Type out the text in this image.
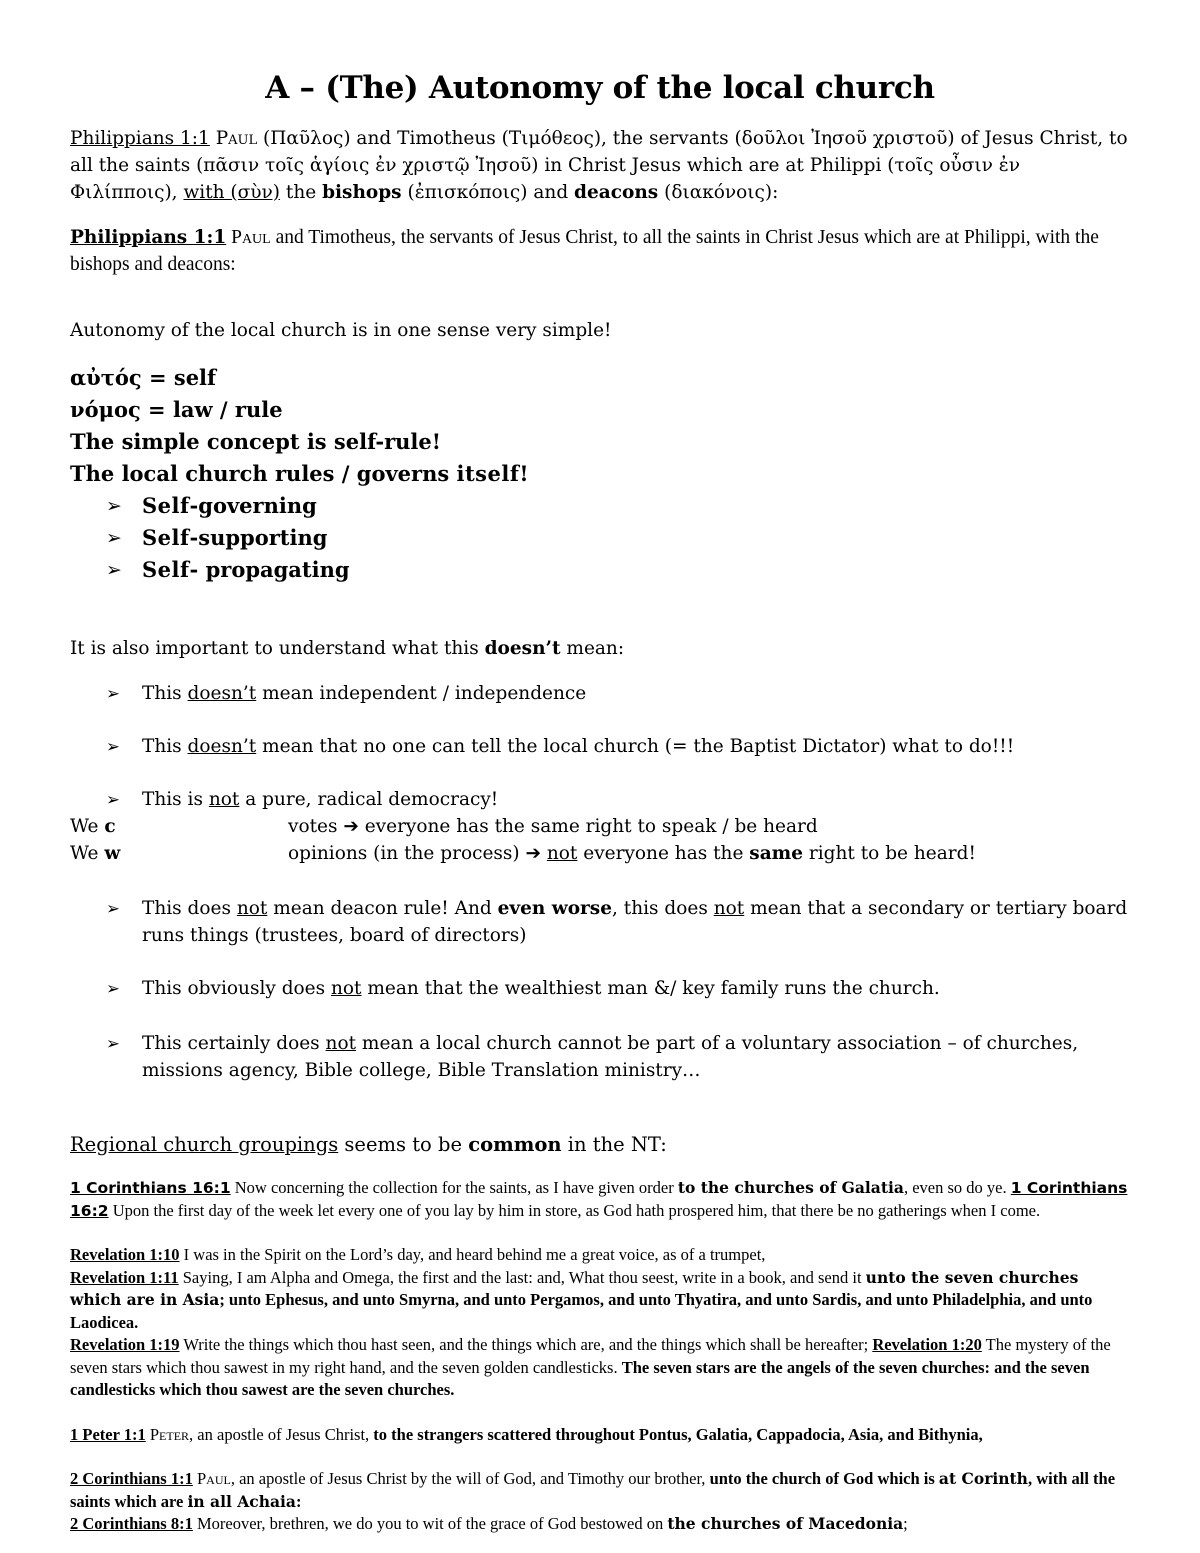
A – (The) Autonomy of the local church

Philippians 1:1 Paul (Παῦλος) and Timotheus (Τιμόθεος), the servants (δοῦλοι Ἰησοῦ χριστοῦ) of Jesus Christ, to all the saints (πᾶσιν τοῖς ἁγίοις ἐν χριστῷ Ἰησοῦ) in Christ Jesus which are at Philippi (τοῖς οὖσιν ἐν Φιλίπποις), with (σὺν) the bishops (ἐπισκόποις) and deacons (διακόνοις):

Philippians 1:1 Paul and Timotheus, the servants of Jesus Christ, to all the saints in Christ Jesus which are at Philippi, with the bishops and deacons:

Autonomy of the local church is in one sense very simple!

αὐτός = self

νόμος = law / rule

The simple concept is self-rule!

The local church rules / governs itself!

➢ Self-governing
➢ Self-supporting
➢ Self- propagating

It is also important to understand what this doesn’t mean:

➢ This doesn’t mean independent / independence
➢ This doesn’t mean that no one can tell the local church (= the Baptist Dictator) what to do!!!
➢ This is not a pure, radical democracy!
We c	votes ➔ everyone has the same right to speak / be heard
We w	opinions (in the process) ➔ not everyone has the same right to be heard!
➢ This does not mean deacon rule! And even worse, this does not mean that a secondary or tertiary board runs things (trustees, board of directors)
➢ This obviously does not mean that the wealthiest man &/ key family runs the church.
➢ This certainly does not mean a local church cannot be part of a voluntary association – of churches, missions agency, Bible college, Bible Translation ministry…

Regional church groupings seems to be common in the NT:

1 Corinthians 16:1 Now concerning the collection for the saints, as I have given order to the churches of Galatia, even so do ye. 1 Corinthians 16:2 Upon the first day of the week let every one of you lay by him in store, as God hath prospered him, that there be no gatherings when I come.

Revelation 1:10 I was in the Spirit on the Lord’s day, and heard behind me a great voice, as of a trumpet,
Revelation 1:11 Saying, I am Alpha and Omega, the first and the last: and, What thou seest, write in a book, and send it unto the seven churches which are in Asia; unto Ephesus, and unto Smyrna, and unto Pergamos, and unto Thyatira, and unto Sardis, and unto Philadelphia, and unto Laodicea.
Revelation 1:19 Write the things which thou hast seen, and the things which are, and the things which shall be hereafter; Revelation 1:20 The mystery of the seven stars which thou sawest in my right hand, and the seven golden candlesticks. The seven stars are the angels of the seven churches: and the seven candlesticks which thou sawest are the seven churches.

1 Peter 1:1 Peter, an apostle of Jesus Christ, to the strangers scattered throughout Pontus, Galatia, Cappadocia, Asia, and Bithynia,

2 Corinthians 1:1 Paul, an apostle of Jesus Christ by the will of God, and Timothy our brother, unto the church of God which is at Corinth, with all the saints which are in all Achaia:

2 Corinthians 8:1 Moreover, brethren, we do you to wit of the grace of God bestowed on the churches of Macedonia;
